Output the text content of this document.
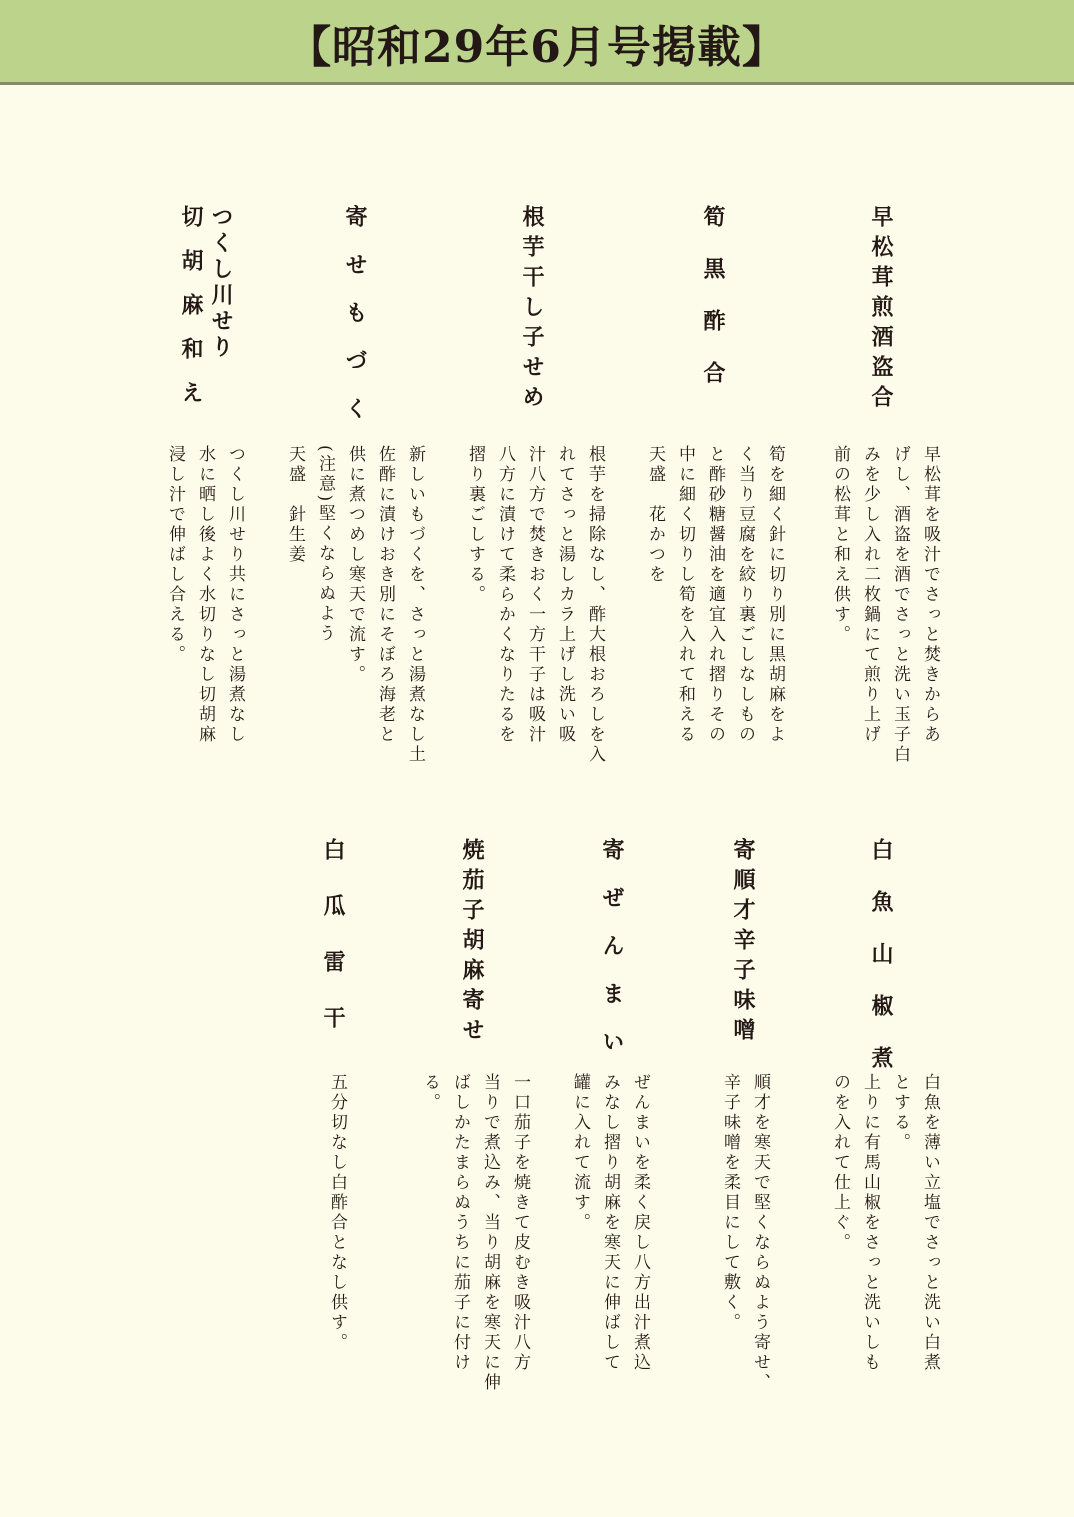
【昭和29年6月号掲載】
早松茸煎酒盗合
早松茸を吸汁でさっと焚きからあ
げし、酒盗を酒でさっと洗い玉子白
みを少し入れ二枚鍋にて煎り上げ
前の松茸と和え供す。
筍黒酢合
筍を細く針に切り別に黒胡麻をよ
く当り豆腐を絞り裏ごしなしもの
と酢砂糖醤油を適宜入れ摺りその
中に細く切りし筍を入れて和える
天盛　花かつを
根芋干し子せめ
根芋を掃除なし、酢大根おろしを入
れてさっと湯しカラ上げし洗い吸
汁八方で焚きおく一方干子は吸汁
八方に漬けて柔らかくなりたるを
摺り裏ごしする。
寄せもづく
新しいもづくを、さっと湯煮なし土
佐酢に漬けおき別にそぼろ海老と
供に煮つめし寒天で流す。
(注意)堅くならぬよう
天盛　針生姜
つくし川せり
切胡麻和え
つくし川せり共にさっと湯煮なし
水に晒し後よく水切りなし切胡麻
浸し汁で伸ばし合える。
白魚山椒煮
白魚を薄い立塩でさっと洗い白煮
とする。
上りに有馬山椒をさっと洗いしも
のを入れて仕上ぐ。
寄順才辛子味噌
順才を寒天で堅くならぬよう寄せ、
辛子味噌を柔目にして敷く。
寄ぜんまい
ぜんまいを柔く戻し八方出汁煮込
みなし摺り胡麻を寒天に伸ばして
罐に入れて流す。
焼茄子胡麻寄せ
一口茄子を焼きて皮むき吸汁八方
当りで煮込み、当り胡麻を寒天に伸
ばしかたまらぬうちに茄子に付け
る。
白瓜雷干
五分切なし白酢合となし供す。
